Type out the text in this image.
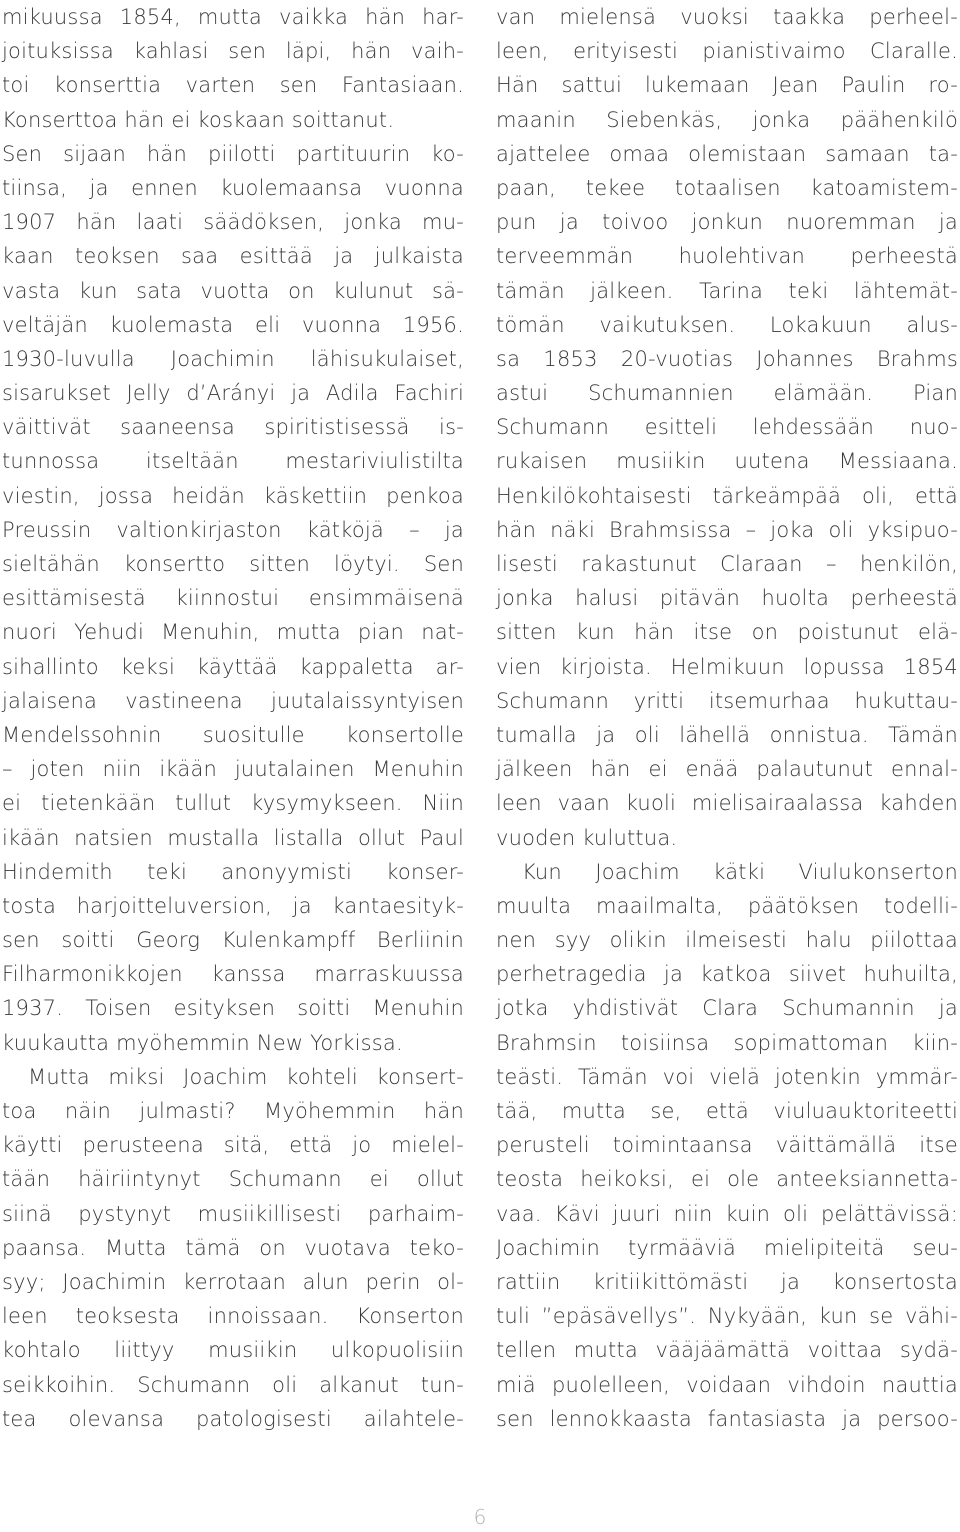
mikuussa 1854, mutta vaikka hän har-
joituksissa kahlasi sen läpi, hän vaih-
toi konserttia varten sen Fantasiaan.
Konserttoa hän ei koskaan soittanut.
Sen sijaan hän piilotti partituurin ko-
tiinsa, ja ennen kuolemaansa vuonna
1907 hän laati säädöksen, jonka mu-
kaan teoksen saa esittää ja julkaista
vasta kun sata vuotta on kulunut sä-
veltäjän kuolemasta eli vuonna 1956.
1930-luvulla Joachimin lähisukulaiset,
sisarukset Jelly d’Arányi ja Adila Fachiri
väittivät saaneensa spiritistisessä is-
tunnossa itseltään mestariviulistilta
viestin, jossa heidän käskettiin penkoa
Preussin valtionkirjaston kätköjä – ja
sieltähän konsertto sitten löytyi. Sen
esittämisestä kiinnostui ensimmäisenä
nuori Yehudi Menuhin, mutta pian nat-
sihallinto keksi käyttää kappaletta ar-
jalaisena vastineena juutalaissyntyisen
Mendelssohnin suositulle konsertolle
– joten niin ikään juutalainen Menuhin
ei tietenkään tullut kysymykseen. Niin
ikään natsien mustalla listalla ollut Paul
Hindemith teki anonyymisti konser-
tosta harjoitteluversion, ja kantaesityk-
sen soitti Georg Kulenkampff Berliinin
Filharmonikkojen kanssa marraskuussa
1937. Toisen esityksen soitti Menuhin
kuukautta myöhemmin New Yorkissa.
Mutta miksi Joachim kohteli konsert-
toa näin julmasti? Myöhemmin hän
käytti perusteena sitä, että jo mielel-
tään häiriintynyt Schumann ei ollut
siinä pystynyt musiikillisesti parhaim-
paansa. Mutta tämä on vuotava teko-
syy; Joachimin kerrotaan alun perin ol-
leen teoksesta innoissaan. Konserton
kohtalo liittyy musiikin ulkopuolisiin
seikkoihin. Schumann oli alkanut tun-
tea olevansa patologisesti ailahtele-
van mielensä vuoksi taakka perheel-
leen, erityisesti pianistivaimo Claralle.
Hän sattui lukemaan Jean Paulin ro-
maanin Siebenkäs, jonka päähenkilö
ajattelee omaa olemistaan samaan ta-
paan, tekee totaalisen katoamistem-
pun ja toivoo jonkun nuoremman ja
terveemmän huolehtivan perheestä
tämän jälkeen. Tarina teki lähtemät-
tömän vaikutuksen. Lokakuun alus-
sa 1853 20-vuotias Johannes Brahms
astui Schumannien elämään. Pian
Schumann esitteli lehdessään nuo-
rukaisen musiikin uutena Messiaana.
Henkilökohtaisesti tärkeämpää oli, että
hän näki Brahmsissa – joka oli yksipuo-
lisesti rakastunut Claraan – henkilön,
jonka halusi pitävän huolta perheestä
sitten kun hän itse on poistunut elä-
vien kirjoista. Helmikuun lopussa 1854
Schumann yritti itsemurhaa hukuttau-
tumalla ja oli lähellä onnistua. Tämän
jälkeen hän ei enää palautunut ennal-
leen vaan kuoli mielisairaalassa kahden
vuoden kuluttua.
Kun Joachim kätki Viulukonserton
muulta maailmalta, päätöksen todelli-
nen syy olikin ilmeisesti halu piilottaa
perhetragedia ja katkoa siivet huhuilta,
jotka yhdistivät Clara Schumannin ja
Brahmsin toisiinsa sopimattoman kiin-
teästi. Tämän voi vielä jotenkin ymmär-
tää, mutta se, että viuluauktoriteetti
perusteli toimintaansa väittämällä itse
teosta heikoksi, ei ole anteeksiannetta-
vaa. Kävi juuri niin kuin oli pelättävissä:
Joachimin tyrmääviä mielipiteitä seu-
rattiin kritiikittömästi ja konsertosta
tuli ”epäsävellys”. Nykyään, kun se vähi-
tellen mutta vääjäämättä voittaa sydä-
miä puolelleen, voidaan vihdoin nauttia
sen lennokkaasta fantasiasta ja persoo-
6
